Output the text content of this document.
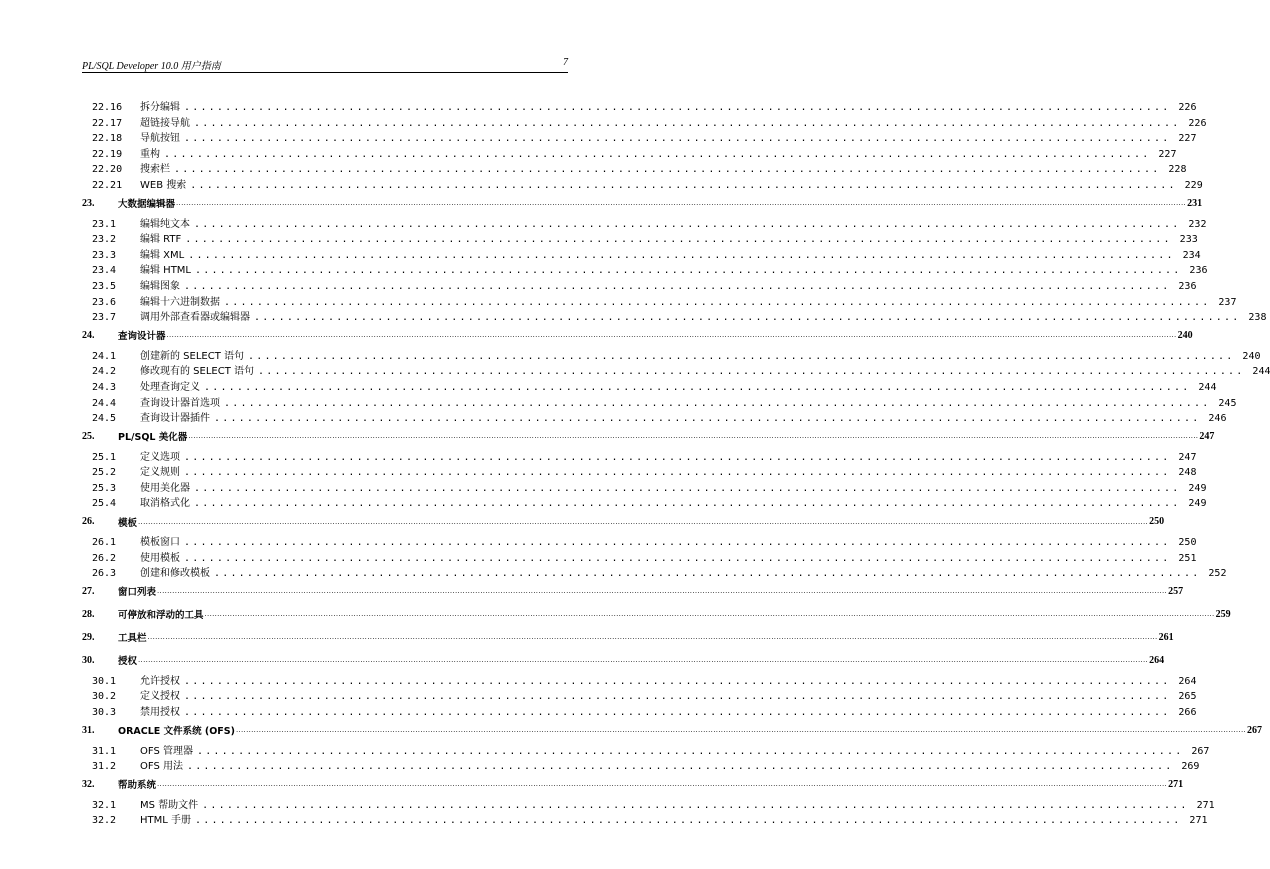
PL/SQL Developer 10.0 用户指南	7
22.16	拆分编辑 ........................................................................................................................ 226
22.17	超链接导航 ........................................................................................................................ 226
22.18	导航按钮 ........................................................................................................................ 227
22.19	重构 ........................................................................................................................ 227
22.20	搜索栏 ........................................................................................................................ 228
22.21	WEB 搜索 ........................................................................................................................ 229
23.	大数据编辑器 ................................................................................................................................................................................................................................................................................................................................................................................................................ 231
23.1	编辑纯文本 ........................................................................................................................ 232
23.2	编辑 RTF ........................................................................................................................ 233
23.3	编辑 XML ........................................................................................................................ 234
23.4	编辑 HTML ........................................................................................................................ 236
23.5	编辑图象 ........................................................................................................................ 236
23.6	编辑十六进制数据 ........................................................................................................................ 237
23.7	调用外部查看器或编辑器 ........................................................................................................................ 238
24.	查询设计器 ................................................................................................................................................................................................................................................................................................................................................................................................................ 240
24.1	创建新的 SELECT 语句 ........................................................................................................................ 240
24.2	修改现有的 SELECT 语句 ........................................................................................................................ 244
24.3	处理查询定义 ........................................................................................................................ 244
24.4	查询设计器首选项 ........................................................................................................................ 245
24.5	查询设计器插件 ........................................................................................................................ 246
25.	PL/SQL 美化器 ................................................................................................................................................................................................................................................................................................................................................................................................................ 247
25.1	定义选项 ........................................................................................................................ 247
25.2	定义规则 ........................................................................................................................ 248
25.3	使用美化器 ........................................................................................................................ 249
25.4	取消格式化 ........................................................................................................................ 249
26.	模板 ................................................................................................................................................................................................................................................................................................................................................................................................................ 250
26.1	模板窗口 ........................................................................................................................ 250
26.2	使用模板 ........................................................................................................................ 251
26.3	创建和修改模板 ........................................................................................................................ 252
27.	窗口列表 ................................................................................................................................................................................................................................................................................................................................................................................................................ 257
28.	可停放和浮动的工具 ................................................................................................................................................................................................................................................................................................................................................................................................................ 259
29.	工具栏 ................................................................................................................................................................................................................................................................................................................................................................................................................ 261
30.	授权 ................................................................................................................................................................................................................................................................................................................................................................................................................ 264
30.1	允许授权 ........................................................................................................................ 264
30.2	定义授权 ........................................................................................................................ 265
30.3	禁用授权 ........................................................................................................................ 266
31.	ORACLE 文件系统 (OFS) ................................................................................................................................................................................................................................................................................................................................................................................................................ 267
31.1	OFS 管理器 ........................................................................................................................ 267
31.2	OFS 用法 ........................................................................................................................ 269
32.	帮助系统 ................................................................................................................................................................................................................................................................................................................................................................................................................ 271
32.1	MS 帮助文件 ........................................................................................................................ 271
32.2	HTML 手册 ........................................................................................................................ 271
